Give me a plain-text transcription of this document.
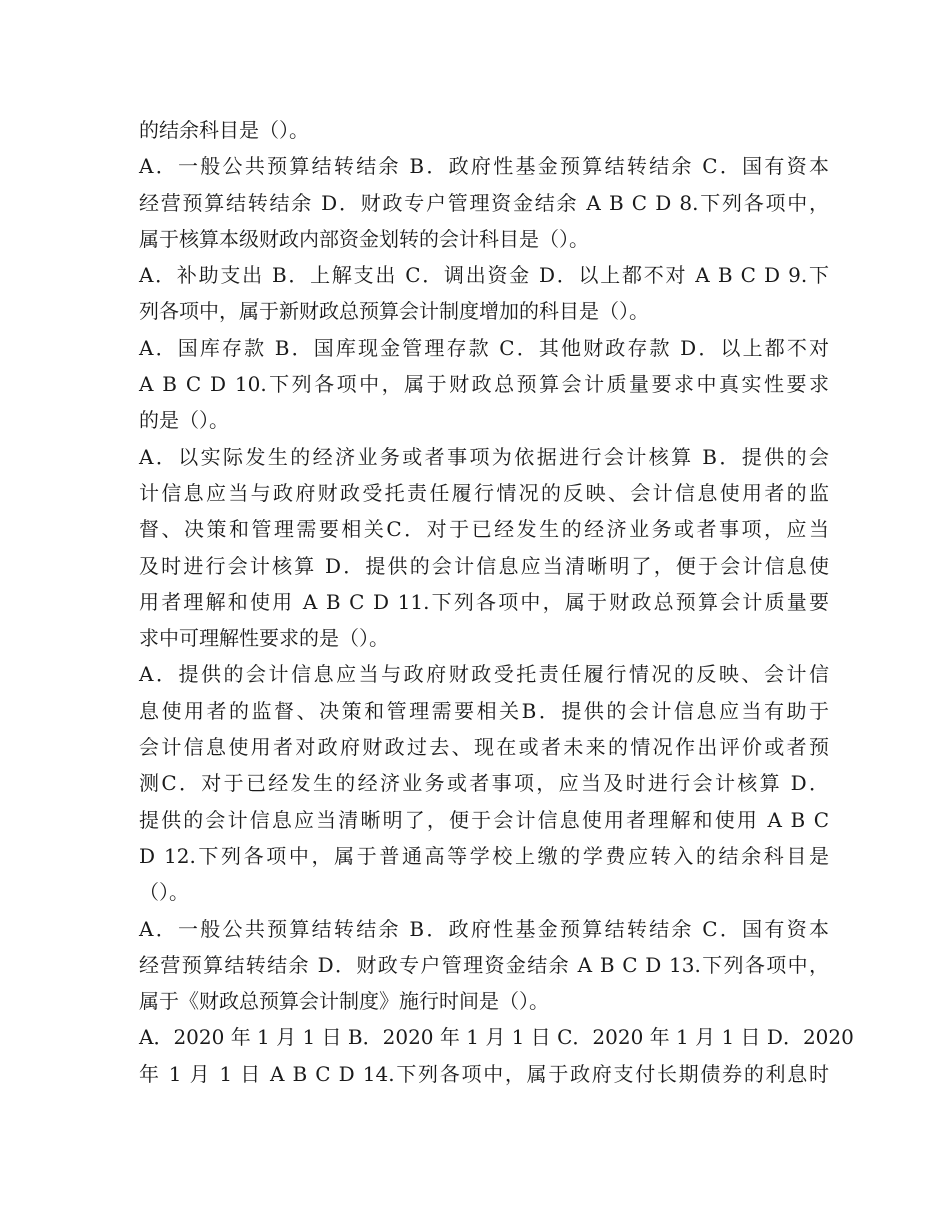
的结余科目是（）。
A．一般公共预算结转结余 B．政府性基金预算结转结余 C．国有资本
经营预算结转结余 D．财政专户管理资金结余 A B C D 8.下列各项中，
属于核算本级财政内部资金划转的会计科目是（）。
A．补助支出 B．上解支出 C．调出资金 D．以上都不对 A B C D 9.下
列各项中，属于新财政总预算会计制度增加的科目是（）。
A．国库存款 B．国库现金管理存款 C．其他财政存款 D．以上都不对
A B C D 10.下列各项中，属于财政总预算会计质量要求中真实性要求
的是（）。
A．以实际发生的经济业务或者事项为依据进行会计核算 B．提供的会
计信息应当与政府财政受托责任履行情况的反映、会计信息使用者的监
督、决策和管理需要相关C．对于已经发生的经济业务或者事项，应当
及时进行会计核算 D．提供的会计信息应当清晰明了，便于会计信息使
用者理解和使用 A B C D 11.下列各项中，属于财政总预算会计质量要
求中可理解性要求的是（）。
A．提供的会计信息应当与政府财政受托责任履行情况的反映、会计信
息使用者的监督、决策和管理需要相关B．提供的会计信息应当有助于
会计信息使用者对政府财政过去、现在或者未来的情况作出评价或者预
测C．对于已经发生的经济业务或者事项，应当及时进行会计核算 D．
提供的会计信息应当清晰明了，便于会计信息使用者理解和使用 A B C
D 12.下列各项中，属于普通高等学校上缴的学费应转入的结余科目是
（）。
A．一般公共预算结转结余 B．政府性基金预算结转结余 C．国有资本
经营预算结转结余 D．财政专户管理资金结余 A B C D 13.下列各项中，
属于《财政总预算会计制度》施行时间是（）。
A．2020 年 1 月 1 日 B．2020 年 1 月 1 日 C．2020 年 1 月 1 日 D．2020
年 1 月 1 日 A B C D 14.下列各项中，属于政府支付长期债券的利息时
